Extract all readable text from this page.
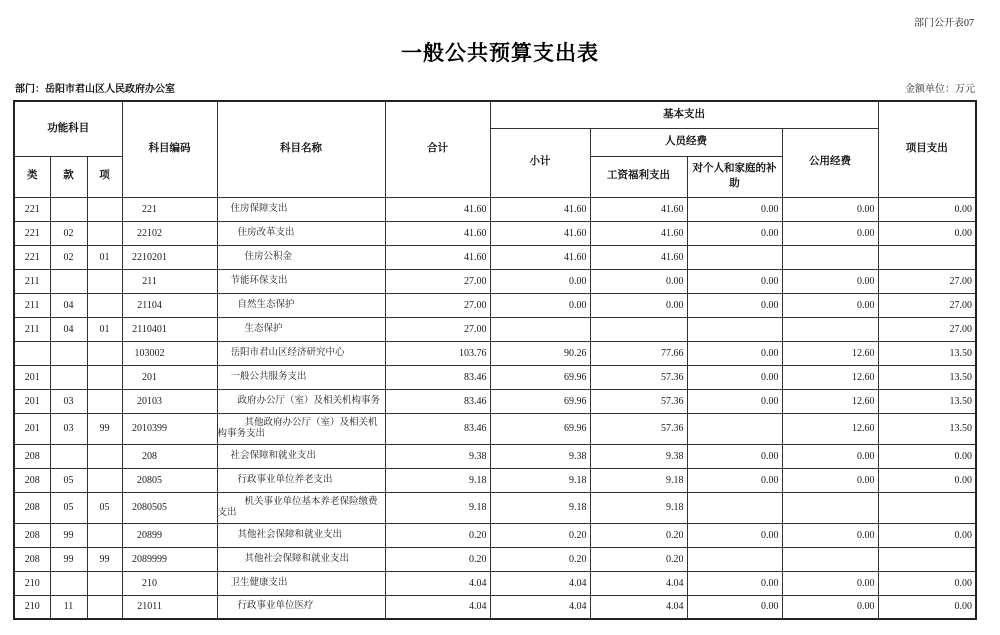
部门公开表07
一般公共预算支出表
部门：岳阳市君山区人民政府办公室	金额单位：万元
功能科目			科目编码	科目名称	合计	基本支出				项目支出
						小计	人员经费		公用经费	
类	款	项					工资福利支出	对个人和家庭的补助		
221			221	住房保障支出	41.60	41.60	41.60	0.00	0.00	0.00
221	02		22102	住房改革支出	41.60	41.60	41.60	0.00	0.00	0.00
221	02	01	2210201	住房公积金	41.60	41.60	41.60			
211			211	节能环保支出	27.00	0.00	0.00	0.00	0.00	27.00
211	04		21104	自然生态保护	27.00	0.00	0.00	0.00	0.00	27.00
211	04	01	2110401	生态保护	27.00					27.00
			103002	岳阳市君山区经济研究中心	103.76	90.26	77.66	0.00	12.60	13.50
201			201	一般公共服务支出	83.46	69.96	57.36	0.00	12.60	13.50
201	03		20103	政府办公厅（室）及相关机构事务	83.46	69.96	57.36	0.00	12.60	13.50
201	03	99	2010399	其他政府办公厅（室）及相关机构事务支出	83.46	69.96	57.36		12.60	13.50
208			208	社会保障和就业支出	9.38	9.38	9.38	0.00	0.00	0.00
208	05		20805	行政事业单位养老支出	9.18	9.18	9.18	0.00	0.00	0.00
208	05	05	2080505	机关事业单位基本养老保险缴费支出	9.18	9.18	9.18			
208	99		20899	其他社会保障和就业支出	0.20	0.20	0.20	0.00	0.00	0.00
208	99	99	2089999	其他社会保障和就业支出	0.20	0.20	0.20			
210			210	卫生健康支出	4.04	4.04	4.04	0.00	0.00	0.00
210	11		21011	行政事业单位医疗	4.04	4.04	4.04	0.00	0.00	0.00
